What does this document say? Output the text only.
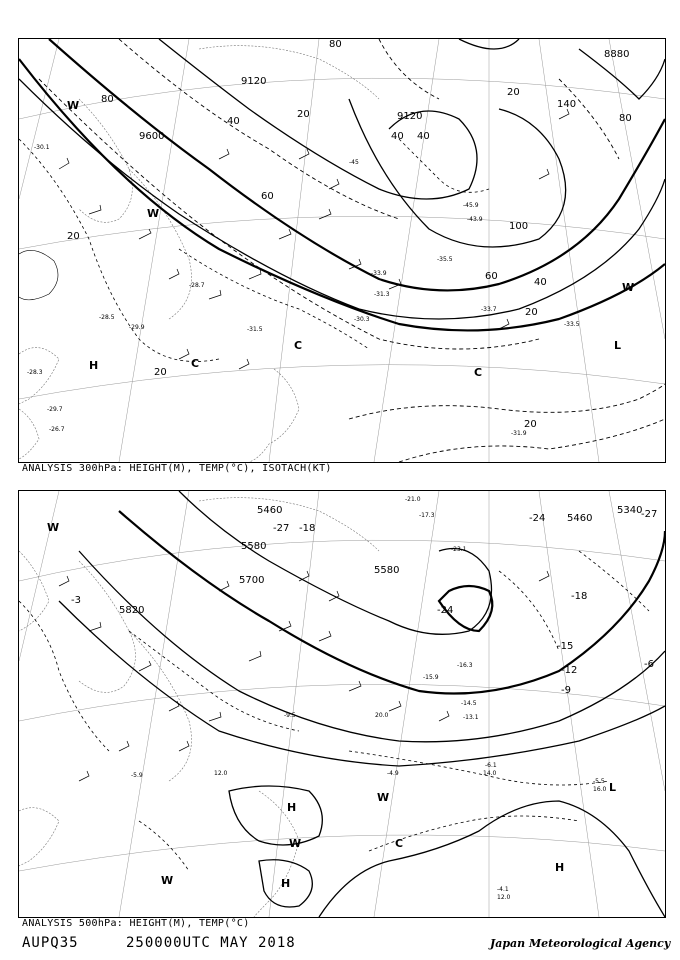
9120
9120
9600
8880
80
40
20
80
40
60
100
60
40
20
140
80
20
20
20
20
40
-30.1
-28.5
-29.9	-31.5
-31.3
-30.3
-33.7
-33.5
-31.9
-29.7
-28.3
-26.7
-45
-45.9
-43.9
-35.5
-33.9
-28.7
W
W
H	C
C	L
C
W
ANALYSIS 300hPa: HEIGHT(M), TEMP(°C), ISOTACH(KT)
5460
5580
5700
5820
5580
5460
5340
-27 -18
-24
-18
-15
-12
-9
-6
-3
-27
-24
-21.0
-17.3
-23.1
-15.9
-14.5
-9.5
-5.9
-6.1
-4.9
-13.1
-16.3
-5.5
-4.1
12.0
14.0
16.0
20.0
12.0
W
H
W
H
C
W
H
L
W
ANALYSIS 500hPa: HEIGHT(M), TEMP(°C)
AUPQ35	250000UTC MAY 2018	Japan Meteorological Agency
